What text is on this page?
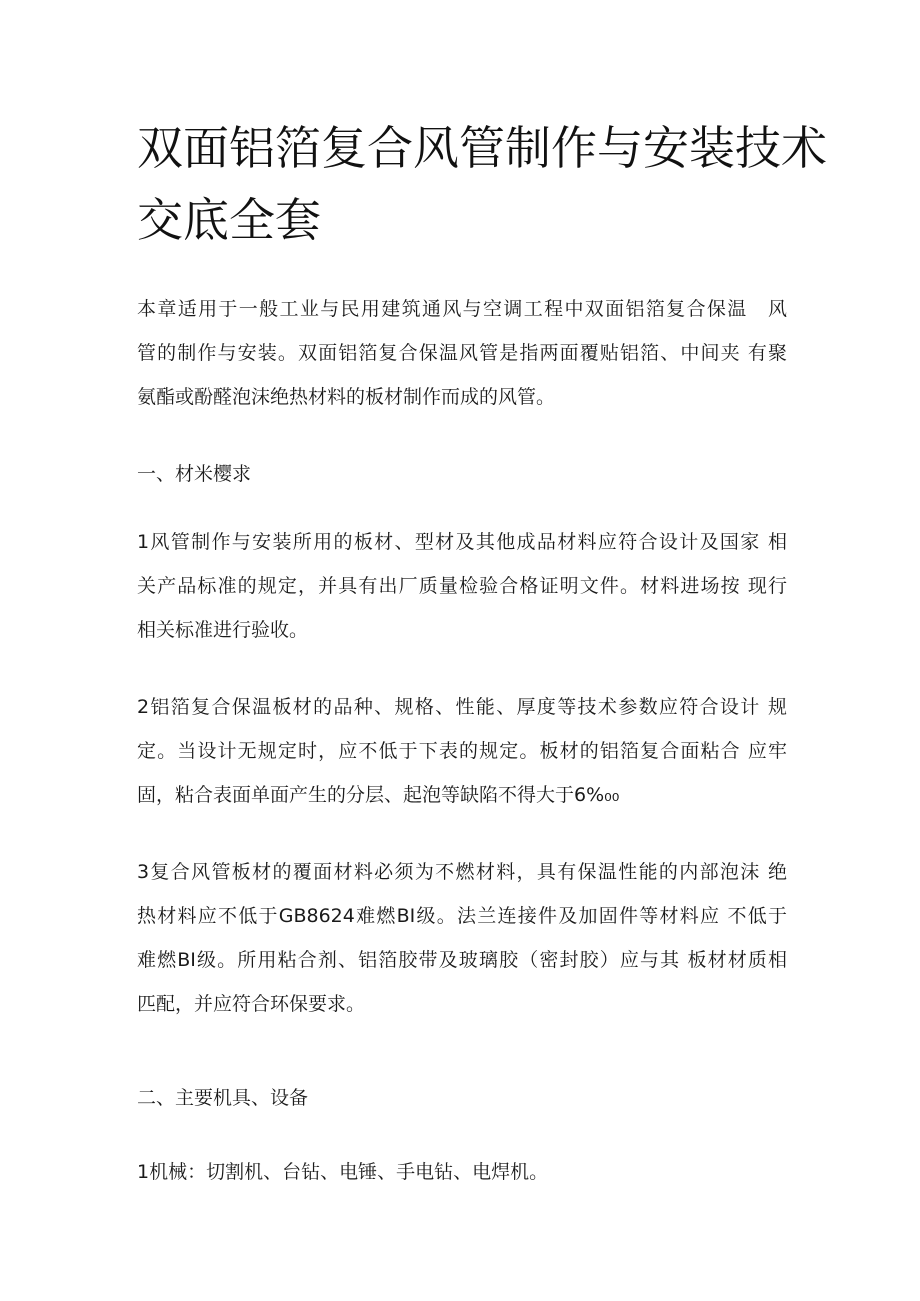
双面铝箔复合风管制作与安装技术
交底全套

本章适用于一般工业与民用建筑通风与空调工程中双面铝箔复合保温　风
管的制作与安装。双面铝箔复合保温风管是指两面覆贴铝箔、中间夹 有聚
氨酯或酚醛泡沫绝热材料的板材制作而成的风管。

一、材米樱求

1风管制作与安装所用的板材、型材及其他成品材料应符合设计及国家 相
关产品标准的规定，并具有出厂质量检验合格证明文件。材料进场按 现行
相关标准进行验收。

2铝箔复合保温板材的品种、规格、性能、厚度等技术参数应符合设计 规
定。当设计无规定时，应不低于下表的规定。板材的铝箔复合面粘合 应牢
固，粘合表面单面产生的分层、起泡等缺陷不得大于6%₀₀

3复合风管板材的覆面材料必须为不燃材料，具有保温性能的内部泡沫 绝
热材料应不低于GB8624难燃BI级。法兰连接件及加固件等材料应 不低于
难燃BI级。所用粘合剂、铝箔胶带及玻璃胶（密封胶）应与其 板材材质相
匹配，并应符合环保要求。

二、主要机具、设备

1机械：切割机、台钻、电锤、手电钻、电焊机。
